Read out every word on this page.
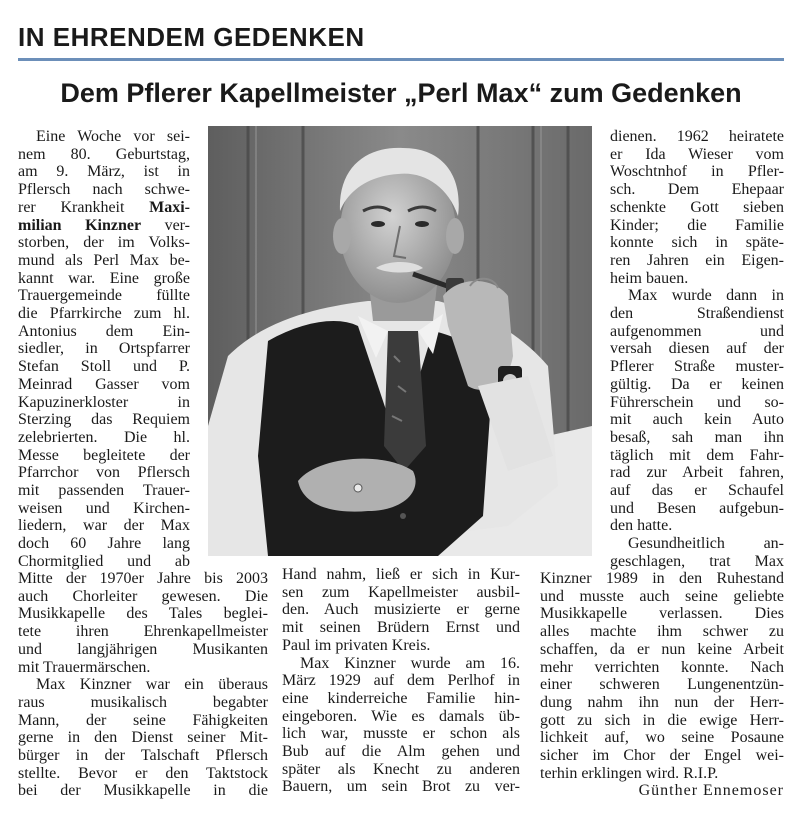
IN EHRENDEM GEDENKEN
Dem Pflerer Kapellmeister „Perl Max“ zum Gedenken
Eine Woche vor sei-
nem 80. Geburtstag,
am 9. März, ist in
Pflersch nach schwe-
rer Krankheit Maxi-
milian Kinzner ver-
storben, der im Volks-
mund als Perl Max be-
kannt war. Eine große
Trauergemeinde füllte
die Pfarrkirche zum hl.
Antonius dem Ein-
siedler, in Ortspfarrer
Stefan Stoll und P.
Meinrad Gasser vom
Kapuzinerkloster in
Sterzing das Requiem
zelebrierten. Die hl.
Messe begleitete der
Pfarrchor von Pflersch
mit passenden Trauer-
weisen und Kirchen-
liedern, war der Max
doch 60 Jahre lang
Chormitglied und ab
Mitte der 1970er Jahre bis 2003
auch Chorleiter gewesen. Die
Musikkapelle des Tales beglei-
tete ihren Ehrenkapellmeister
und langjährigen Musikanten
mit Trauermärschen.
Max Kinzner war ein überaus
raus musikalisch begabter
Mann, der seine Fähigkeiten
gerne in den Dienst seiner Mit-
bürger in der Talschaft Pflersch
stellte. Bevor er den Taktstock
bei der Musikkapelle in die
Hand nahm, ließ er sich in Kur-
sen zum Kapellmeister ausbil-
den. Auch musizierte er gerne
mit seinen Brüdern Ernst und
Paul im privaten Kreis.
Max Kinzner wurde am 16.
März 1929 auf dem Perlhof in
eine kinderreiche Familie hin-
eingeboren. Wie es damals üb-
lich war, musste er schon als
Bub auf die Alm gehen und
später als Knecht zu anderen
Bauern, um sein Brot zu ver-
dienen. 1962 heiratete
er Ida Wieser vom
Woschtnhof in Pfler-
sch. Dem Ehepaar
schenkte Gott sieben
Kinder; die Familie
konnte sich in späte-
ren Jahren ein Eigen-
heim bauen.
Max wurde dann in
den Straßendienst
aufgenommen und
versah diesen auf der
Pflerer Straße muster-
gültig. Da er keinen
Führerschein und so-
mit auch kein Auto
besaß, sah man ihn
täglich mit dem Fahr-
rad zur Arbeit fahren,
auf das er Schaufel
und Besen aufgebun-
den hatte.
Gesundheitlich an-
geschlagen, trat Max
Kinzner 1989 in den Ruhestand
und musste auch seine geliebte
Musikkapelle verlassen. Dies
alles machte ihm schwer zu
schaffen, da er nun keine Arbeit
mehr verrichten konnte. Nach
einer schweren Lungenentzün-
dung nahm ihn nun der Herr-
gott zu sich in die ewige Herr-
lichkeit auf, wo seine Posaune
sicher im Chor der Engel wei-
terhin erklingen wird. R.I.P.
Günther Ennemoser
